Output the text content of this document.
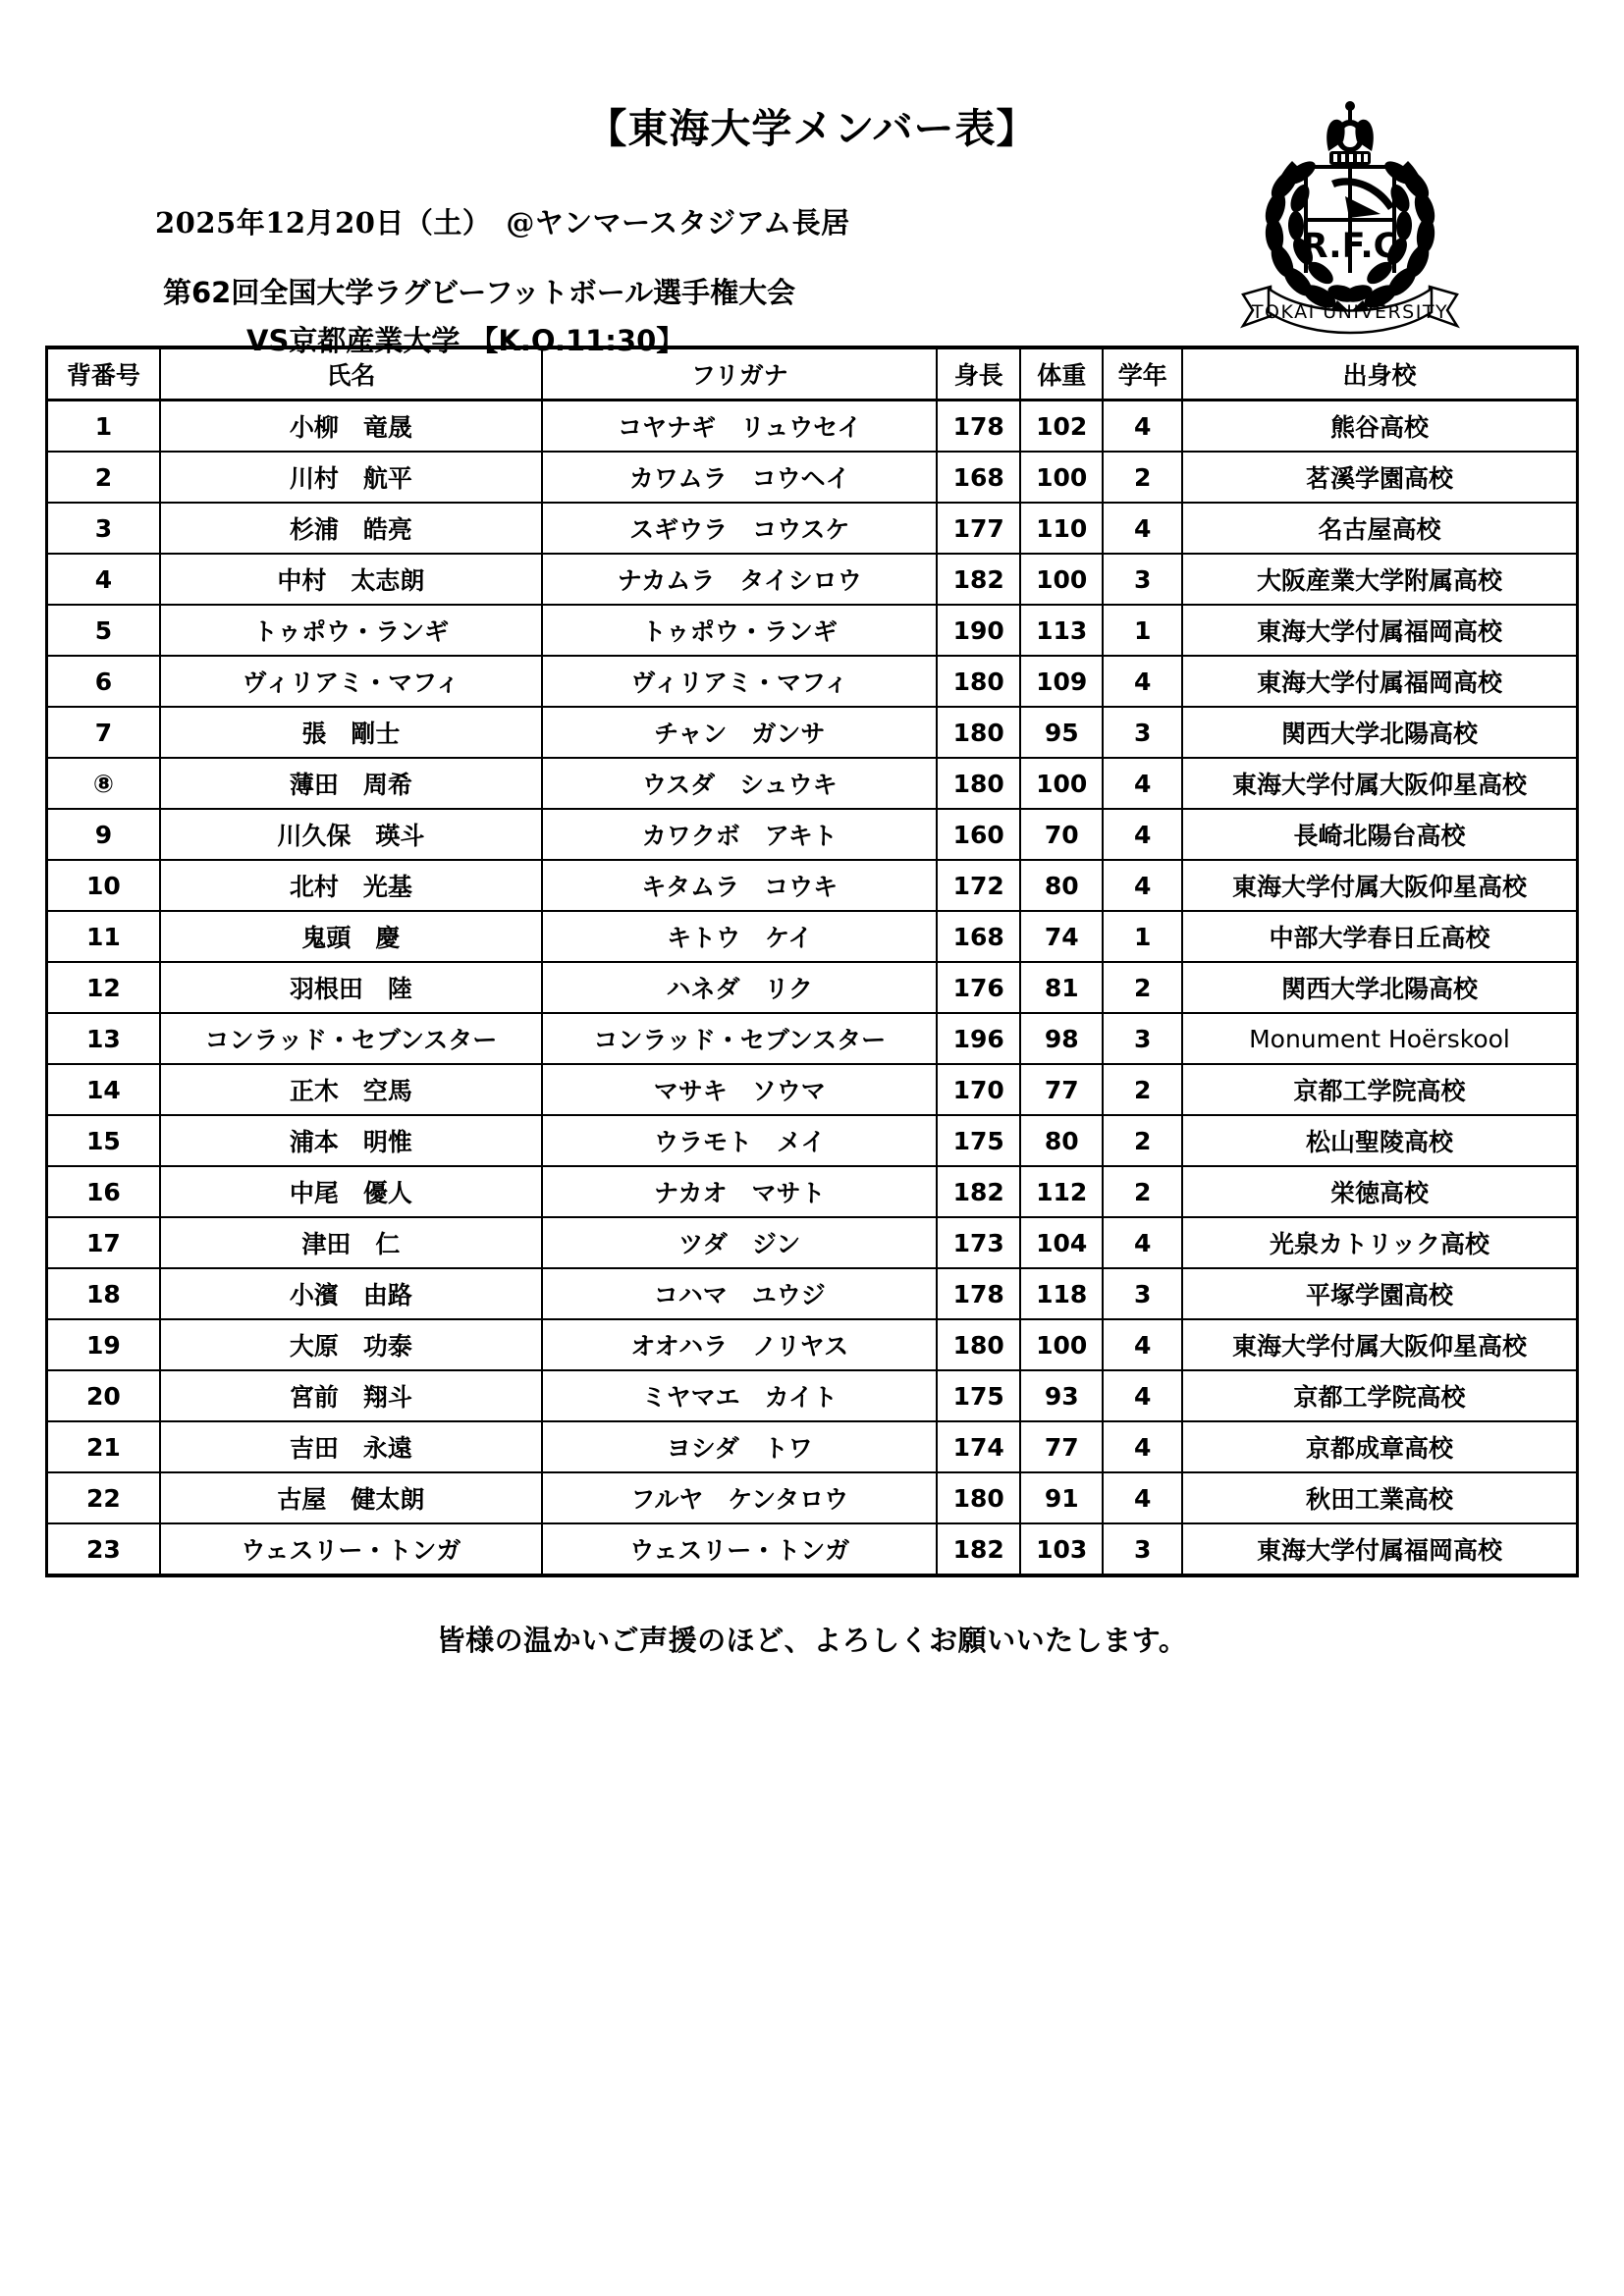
【東海大学メンバー表】

2025年12月20日（土）　@ヤンマースタジアム長居

第62回全国大学ラグビーフットボール選手権大会

VS京都産業大学 【K.O.11:30】

R.F.C
TOKAI UNIVERSITY
背番号	氏名	フリガナ	身長	体重	学年	出身校
1	小柳　竜晟	コヤナギ　リュウセイ	178	102	4	熊谷高校
2	川村　航平	カワムラ　コウヘイ	168	100	2	茗溪学園高校
3	杉浦　皓亮	スギウラ　コウスケ	177	110	4	名古屋高校
4	中村　太志朗	ナカムラ　タイシロウ	182	100	3	大阪産業大学附属高校
5	トゥポウ・ランギ	トゥポウ・ランギ	190	113	1	東海大学付属福岡高校
6	ヴィリアミ・マフィ	ヴィリアミ・マフィ	180	109	4	東海大学付属福岡高校
7	張　剛士	チャン　ガンサ	180	95	3	関西大学北陽高校
⑧	薄田　周希	ウスダ　シュウキ	180	100	4	東海大学付属大阪仰星高校
9	川久保　瑛斗	カワクボ　アキト	160	70	4	長崎北陽台高校
10	北村　光基	キタムラ　コウキ	172	80	4	東海大学付属大阪仰星高校
11	鬼頭　慶	キトウ　ケイ	168	74	1	中部大学春日丘高校
12	羽根田　陸	ハネダ　リク	176	81	2	関西大学北陽高校
13	コンラッド・セブンスター	コンラッド・セブンスター	196	98	3	Monument Hoërskool
14	正木　空馬	マサキ　ソウマ	170	77	2	京都工学院高校
15	浦本　明惟	ウラモト　メイ	175	80	2	松山聖陵高校
16	中尾　優人	ナカオ　マサト	182	112	2	栄徳高校
17	津田　仁	ツダ　ジン	173	104	4	光泉カトリック高校
18	小濱　由路	コハマ　ユウジ	178	118	3	平塚学園高校
19	大原　功泰	オオハラ　ノリヤス	180	100	4	東海大学付属大阪仰星高校
20	宮前　翔斗	ミヤマエ　カイト	175	93	4	京都工学院高校
21	吉田　永遠	ヨシダ　トワ	174	77	4	京都成章高校
22	古屋　健太朗	フルヤ　ケンタロウ	180	91	4	秋田工業高校
23	ウェスリー・トンガ	ウェスリー・トンガ	182	103	3	東海大学付属福岡高校

皆様の温かいご声援のほど、よろしくお願いいたします。
